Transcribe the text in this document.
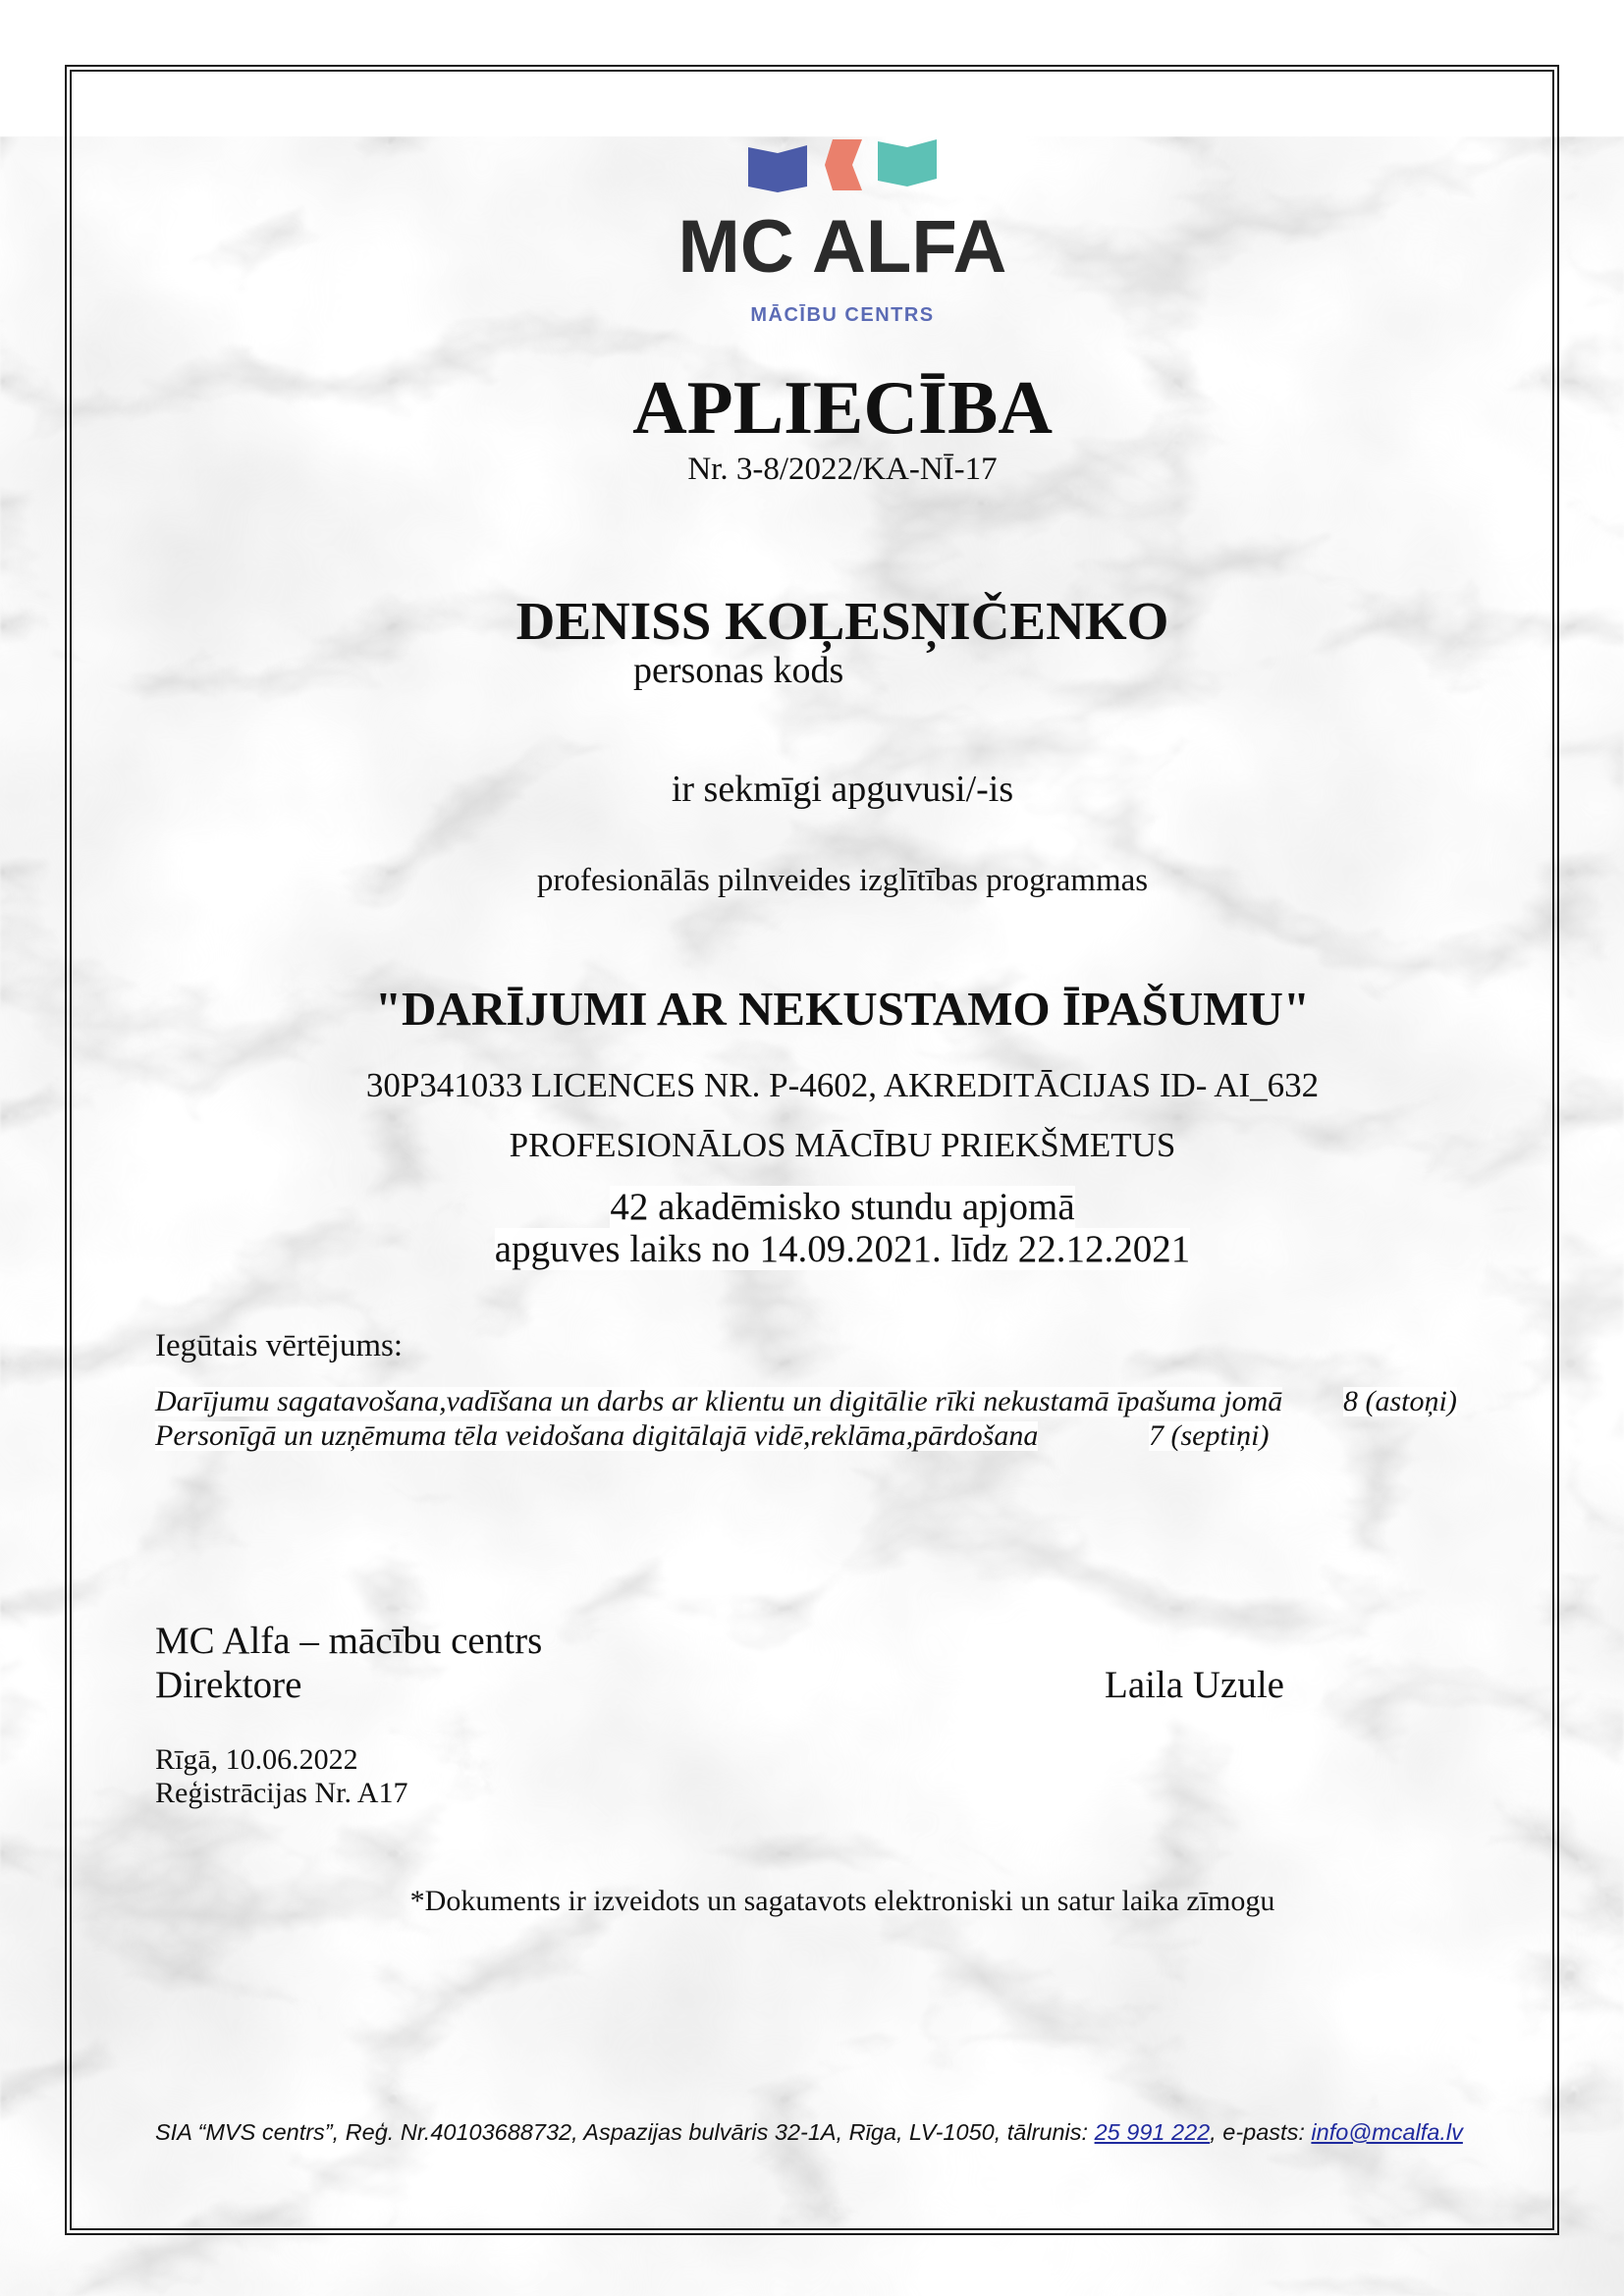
MC ALFA
MĀCĪBU CENTRS
APLIECĪBA
Nr. 3-8/2022/KA-NĪ-17
DENISS KOĻESŅIČENKO
personas kods
ir sekmīgi apguvusi/-is
profesionālās pilnveides izglītības programmas
"DARĪJUMI AR NEKUSTAMO ĪPAŠUMU"
30P341033 LICENCES NR. P-4602, AKREDITĀCIJAS ID- AI_632
PROFESIONĀLOS MĀCĪBU PRIEKŠMETUS
42 akadēmisko stundu apjomā
apguves laiks no 14.09.2021. līdz 22.12.2021
Iegūtais vērtējums:
Darījumu sagatavošana,vadīšana un darbs ar klientu un digitālie rīki nekustamā īpašuma jomā 8 (astoņi)
Personīgā un uzņēmuma tēla veidošana digitālajā vidē,reklāma,pārdošana	7 (septiņi)
MC Alfa – mācību centrs
Direktore	Laila Uzule
Rīgā, 10.06.2022
Reģistrācijas Nr. A17
*Dokuments ir izveidots un sagatavots elektroniski un satur laika zīmogu
SIA “MVS centrs”, Reģ. Nr.40103688732, Aspazijas bulvāris 32-1A, Rīga, LV-1050, tālrunis: 25 991 222, e-pasts: info@mcalfa.lv
